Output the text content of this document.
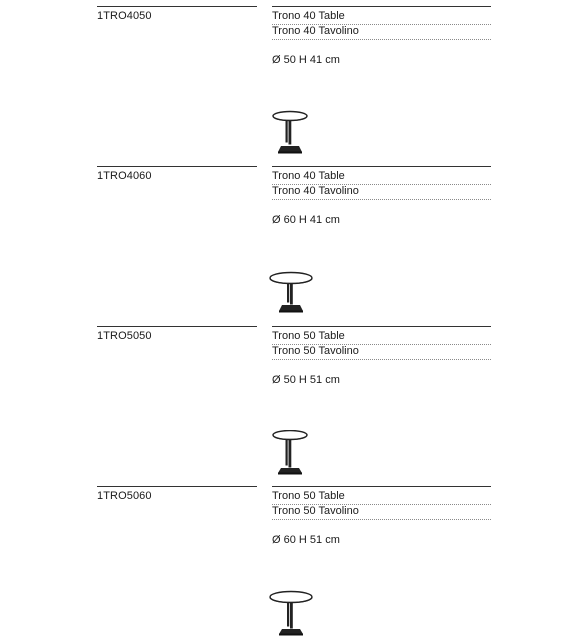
1TRO4050	Trono 40 Table
Trono 40 Tavolino
Ø 50 H 41 cm
1TRO4060	Trono 40 Table
Trono 40 Tavolino
Ø 60 H 41 cm
1TRO5050	Trono 50 Table
Trono 50 Tavolino
Ø 50 H 51 cm
1TRO5060	Trono 50 Table
Trono 50 Tavolino
Ø 60 H 51 cm
